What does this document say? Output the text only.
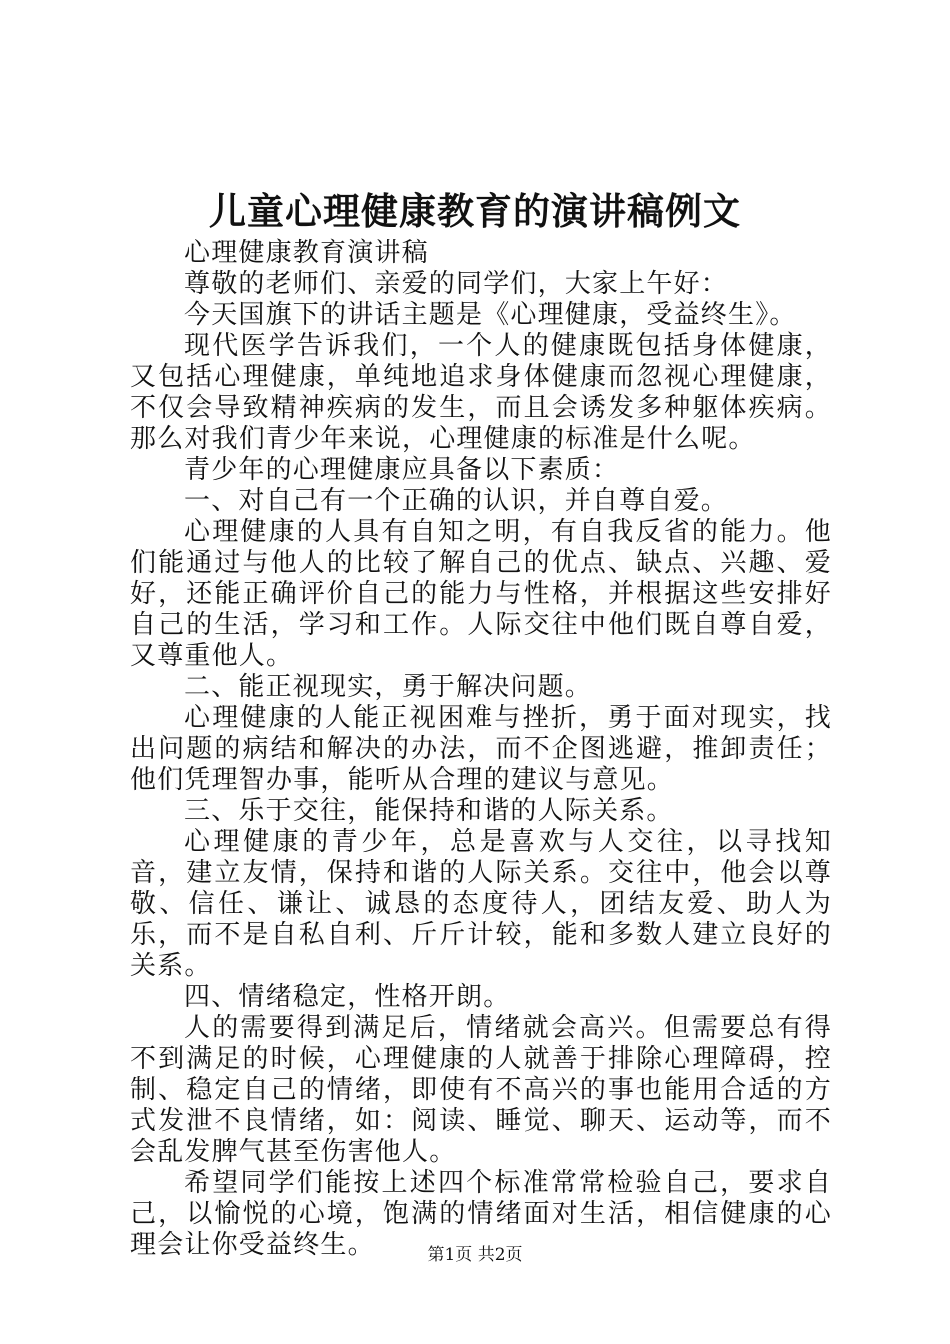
儿童心理健康教育的演讲稿例文

心理健康教育演讲稿

尊敬的老师们、亲爱的同学们，大家上午好：

今天国旗下的讲话主题是《心理健康，受益终生》。

现代医学告诉我们，一个人的健康既包括身体健康，又包括心理健康，单纯地追求身体健康而忽视心理健康，不仅会导致精神疾病的发生，而且会诱发多种躯体疾病。那么对我们青少年来说，心理健康的标准是什么呢。

青少年的心理健康应具备以下素质：

一、对自己有一个正确的认识，并自尊自爱。

心理健康的人具有自知之明，有自我反省的能力。他们能通过与他人的比较了解自己的优点、缺点、兴趣、爱好，还能正确评价自己的能力与性格，并根据这些安排好自己的生活，学习和工作。人际交往中他们既自尊自爱，又尊重他人。

二、能正视现实，勇于解决问题。

心理健康的人能正视困难与挫折，勇于面对现实，找出问题的病结和解决的办法，而不企图逃避，推卸责任；他们凭理智办事，能听从合理的建议与意见。

三、乐于交往，能保持和谐的人际关系。

心理健康的青少年，总是喜欢与人交往，以寻找知音，建立友情，保持和谐的人际关系。交往中，他会以尊敬、信任、谦让、诚恳的态度待人，团结友爱、助人为乐，而不是自私自利、斤斤计较，能和多数人建立良好的关系。

四、情绪稳定，性格开朗。

人的需要得到满足后，情绪就会高兴。但需要总有得不到满足的时候，心理健康的人就善于排除心理障碍，控制、稳定自己的情绪，即使有不高兴的事也能用合适的方式发泄不良情绪，如：阅读、睡觉、聊天、运动等，而不会乱发脾气甚至伤害他人。

希望同学们能按上述四个标准常常检验自己，要求自己，以愉悦的心境，饱满的情绪面对生活，相信健康的心理会让你受益终生。	第1页 共2页
